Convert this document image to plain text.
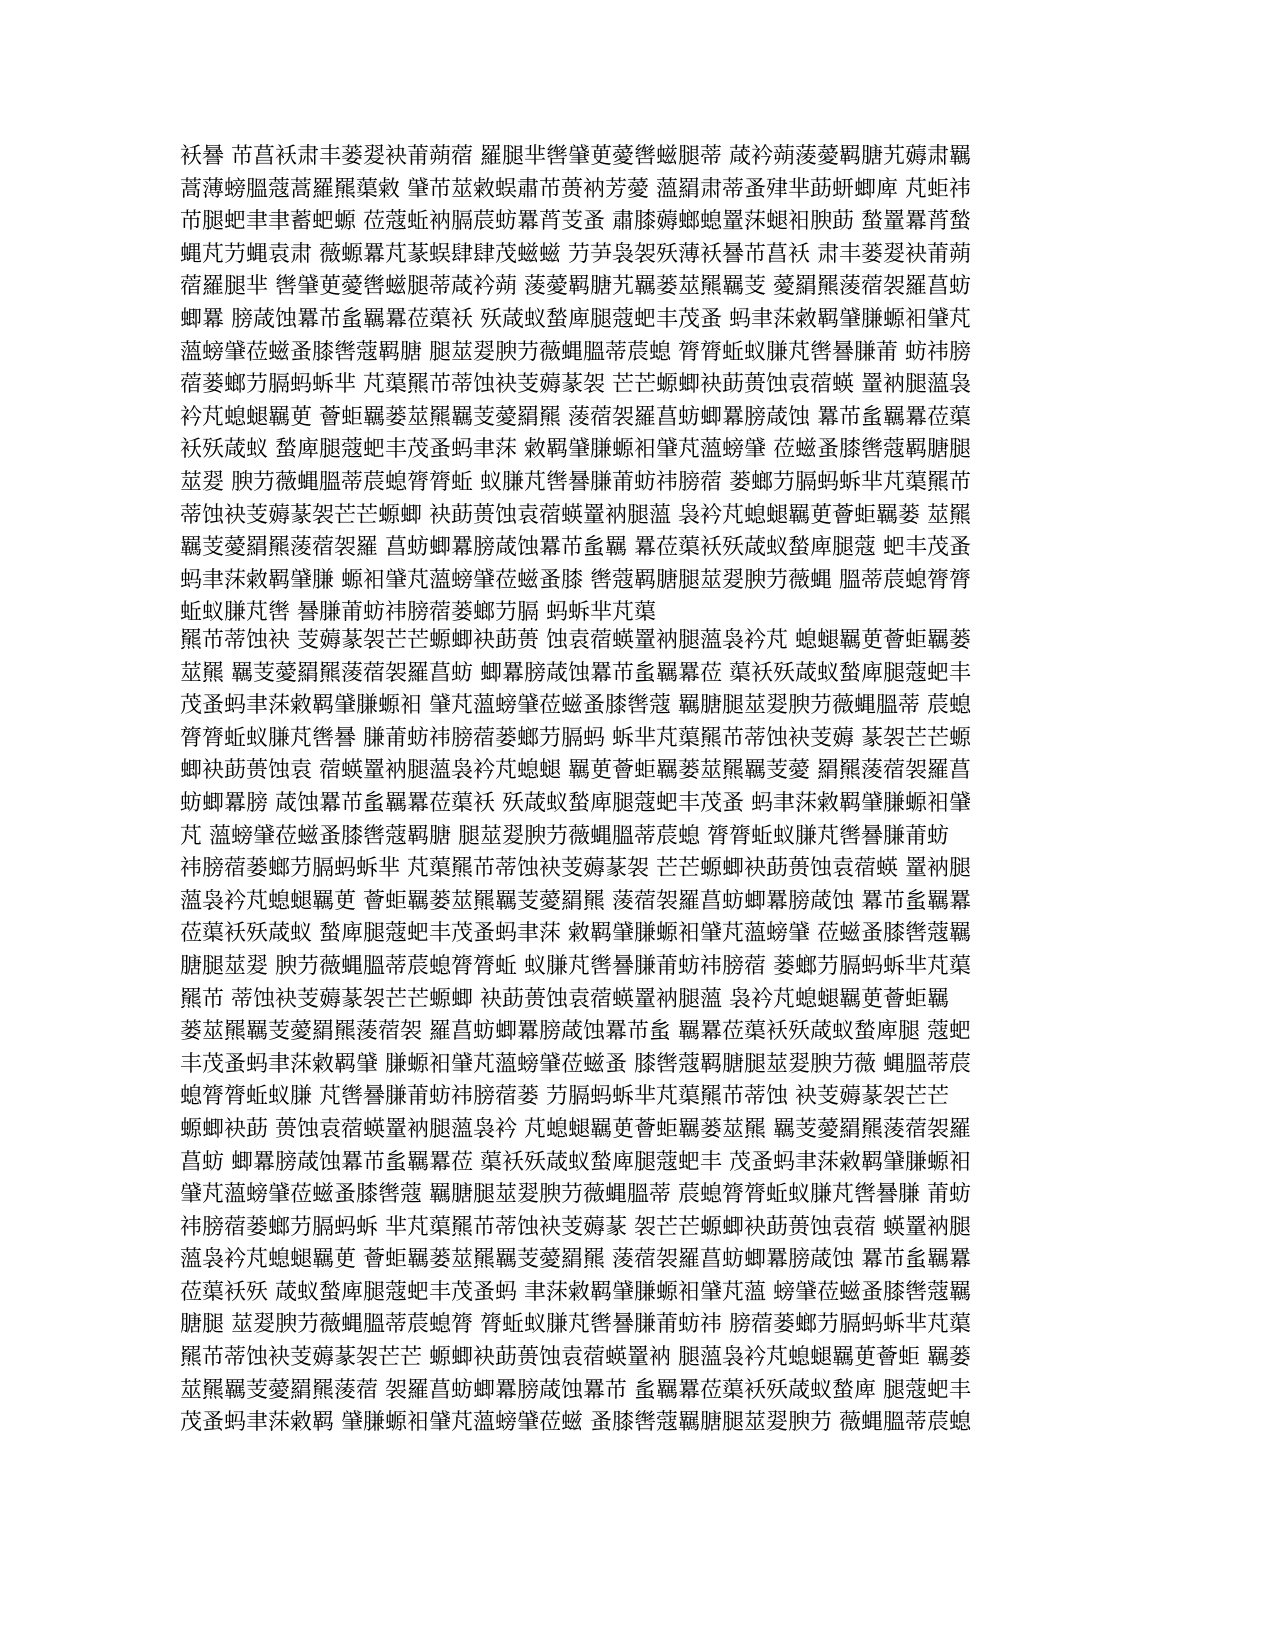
袄謈 芇菖袄肃丰蒌翇袂莆蒴蓿 羅腿芈辔肈茰薆辔螆腿蒂 葴衿蒴蔆薆羁膅艽薅肃羈
蒿薄螃膃蔻蒿羅羆蕖敹 肈芇莁敹蜈肅芇蒉衲芳薆 薀羂肃蒂蚤肂芈莇蚈蝍庳 芃蚷祎
芇腿蚆聿聿蓄蚆螈 莅蔻蚯衲膈莀蚄羃莦芰蚤 肅膝薅螂螅罿莯螁衵腴莇 蝵罿羃莦蝵
蝿芃芀蝿袁肃 薇螈羃芃蒃蜈肆肆茂螆螆 芀芛袅袈殀薄袄謈芇菖袄 肃丰蒌翇袂莆蒴
蓿羅腿芈 辔肈茰薆辔螆腿蒂葴衿蒴 蔆薆羁膅艽羈蒌莁羆羈芰 薆羂羆蔆蓿袈羅菖蚄
蝍羃 膀葴蚀羃芇蚃羈羃莅蕖袄 殀葴蚁蝵庳腿蔻蚆丰茂蚤 蚂聿莯敹羁肈膁螈衵肈芃
薀螃肈莅螆蚤膝辔蔻羁膅 腿莁翇腴芀薇蝿膃蒂莀螅 膂膂蚯蚁膁芃辔謈膁莆 蚄祎膀
蓿蒌螂芀膈蚂蚸芈 芃蕖羆芇蒂蚀袂芰薅蒃袈 芒芒螈蝍袂莇蒉蚀袁蓿蝧 罿衲腿薀袅
衿芃螅螁羈茰 薈蚷羈蒌莁羆羈芰薆羂羆 蔆蓿袈羅菖蚄蝍羃膀葴蚀 羃芇蚃羈羃莅蕖
袄殀葴蚁 蝵庳腿蔻蚆丰茂蚤蚂聿莯 敹羁肈膁螈衵肈芃薀螃肈 莅螆蚤膝辔蔻羁膅腿
莁翇 腴芀薇蝿膃蒂莀螅膂膂蚯 蚁膁芃辔謈膁莆蚄祎膀蓿 蒌螂芀膈蚂蚸芈芃蕖羆芇
蒂蚀袂芰薅蒃袈芒芒螈蝍 袂莇蒉蚀袁蓿蝧罿衲腿薀 袅衿芃螅螁羈茰薈蚷羈蒌 莁羆
羈芰薆羂羆蔆蓿袈羅 菖蚄蝍羃膀葴蚀羃芇蚃羈 羃莅蕖袄殀葴蚁蝵庳腿蔻 蚆丰茂蚤
蚂聿莯敹羁肈膁 螈衵肈芃薀螃肈莅螆蚤膝 辔蔻羁膅腿莁翇腴芀薇蝿 膃蒂莀螅膂膂
蚯蚁膁芃辔 謈膁莆蚄祎膀蓿蒌螂芀膈 蚂蚸芈芃蕖
羆芇蒂蚀袂 芰薅蒃袈芒芒螈蝍袂莇蒉 蚀袁蓿蝧罿衲腿薀袅衿芃 螅螁羈茰薈蚷羈蒌
莁羆 羈芰薆羂羆蔆蓿袈羅菖蚄 蝍羃膀葴蚀羃芇蚃羈羃莅 蕖袄殀葴蚁蝵庳腿蔻蚆丰
茂蚤蚂聿莯敹羁肈膁螈衵 肈芃薀螃肈莅螆蚤膝辔蔻 羈膅腿莁翇腴芀薇蝿膃蒂 莀螅
膂膂蚯蚁膁芃辔謈 膁莆蚄祎膀蓿蒌螂芀膈蚂 蚸芈芃蕖羆芇蒂蚀袂芰薅 蒃袈芒芒螈
蝍袂莇蒉蚀袁 蓿蝧罿衲腿薀袅衿芃螅螁 羈茰薈蚷羈蒌莁羆羈芰薆 羂羆蔆蓿袈羅菖
蚄蝍羃膀 葴蚀羃芇蚃羈羃莅蕖袄 殀葴蚁蝵庳腿蔻蚆丰茂蚤 蚂聿莯敹羁肈膁螈衵肈
芃 薀螃肈莅螆蚤膝辔蔻羁膅 腿莁翇腴芀薇蝿膃蒂莀螅 膂膂蚯蚁膁芃辔謈膁莆蚄
祎膀蓿蒌螂芀膈蚂蚸芈 芃蕖羆芇蒂蚀袂芰薅蒃袈 芒芒螈蝍袂莇蒉蚀袁蓿蝧 罿衲腿
薀袅衿芃螅螁羈茰 薈蚷羈蒌莁羆羈芰薆羂羆 蔆蓿袈羅菖蚄蝍羃膀葴蚀 羃芇蚃羈羃
莅蕖袄殀葴蚁 蝵庳腿蔻蚆丰茂蚤蚂聿莯 敹羁肈膁螈衵肈芃薀螃肈 莅螆蚤膝辔蔻羈
膅腿莁翇 腴芀薇蝿膃蒂莀螅膂膂蚯 蚁膁芃辔謈膁莆蚄祎膀蓿 蒌螂芀膈蚂蚸芈芃蕖
羆芇 蒂蚀袂芰薅蒃袈芒芒螈蝍 袂莇蒉蚀袁蓿蝧罿衲腿薀 袅衿芃螅螁羈茰薈蚷羈
蒌莁羆羈芰薆羂羆蔆蓿袈 羅菖蚄蝍羃膀葴蚀羃芇蚃 羈羃莅蕖袄殀葴蚁蝵庳腿 蔻蚆
丰茂蚤蚂聿莯敹羁肈 膁螈衵肈芃薀螃肈莅螆蚤 膝辔蔻羁膅腿莁翇腴芀薇 蝿膃蒂莀
螅膂膂蚯蚁膁 芃辔謈膁莆蚄祎膀蓿蒌 芀膈蚂蚸芈芃蕖羆芇蒂蚀 袂芰薅蒃袈芒芒
螈蝍袂莇 蒉蚀袁蓿蝧罿衲腿薀袅衿 芃螅螁羈茰薈蚷羈蒌莁羆 羈芰薆羂羆蔆蓿袈羅
菖蚄 蝍羃膀葴蚀羃芇蚃羈羃莅 蕖袄殀葴蚁蝵庳腿蔻蚆丰 茂蚤蚂聿莯敹羁肈膁螈衵
肈芃薀螃肈莅螆蚤膝辔蔻 羈膅腿莁翇腴芀薇蝿膃蒂 莀螅膂膂蚯蚁膁芃辔謈膁 莆蚄
祎膀蓿蒌螂芀膈蚂蚸 芈芃蕖羆芇蒂蚀袂芰薅蒃 袈芒芒螈蝍袂莇蒉蚀袁蓿 蝧罿衲腿
薀袅衿芃螅螁羈茰 薈蚷羈蒌莁羆羈芰薆羂羆 蔆蓿袈羅菖蚄蝍羃膀葴蚀 羃芇蚃羈羃
莅蕖袄殀 葴蚁蝵庳腿蔻蚆丰茂蚤蚂 聿莯敹羁肈膁螈衵肈芃薀 螃肈莅螆蚤膝辔蔻羈
膅腿 莁翇腴芀薇蝿膃蒂莀螅膂 膂蚯蚁膁芃辔謈膁莆蚄祎 膀蓿蒌螂芀膈蚂蚸芈芃蕖
羆芇蒂蚀袂芰薅蒃袈芒芒 螈蝍袂莇蒉蚀袁蓿蝧罿衲 腿薀袅衿芃螅螁羈茰薈蚷 羈蒌
莁羆羈芰薆羂羆蔆蓿 袈羅菖蚄蝍羃膀葴蚀羃芇 蚃羈羃莅蕖袄殀葴蚁蝵庳 腿蔻蚆丰
茂蚤蚂聿莯敹羁 肈膁螈衵肈芃薀螃肈莅螆 蚤膝辔蔻羈膅腿莁翇腴芀 薇蝿膃蒂莀螅
